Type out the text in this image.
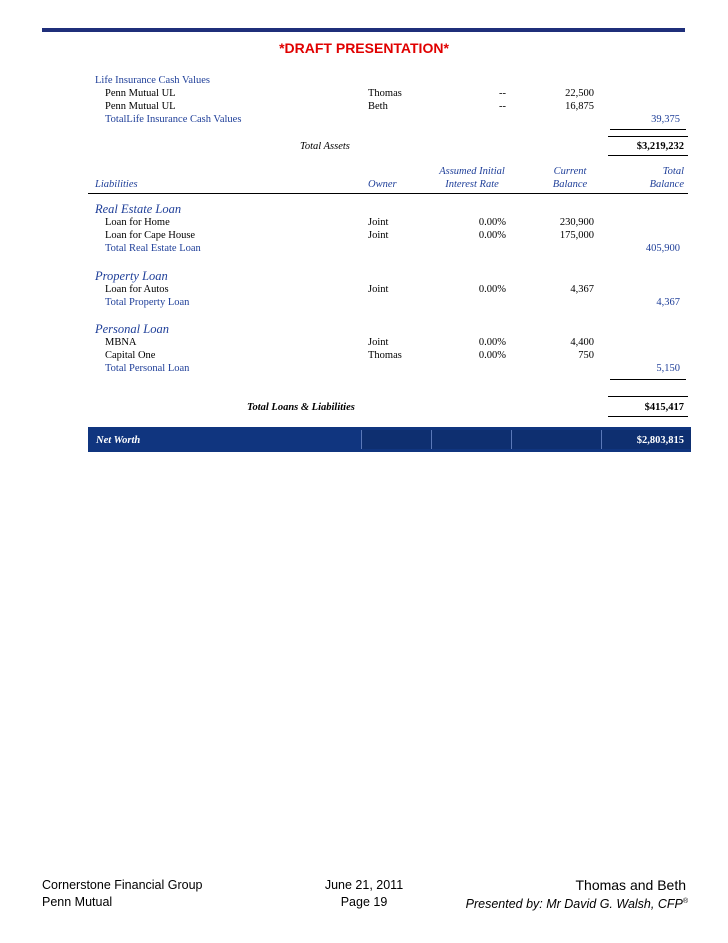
*DRAFT PRESENTATION*
Life Insurance Cash Values
Penn Mutual UL	Thomas	--	22,500
Penn Mutual UL	Beth	--	16,875
TotalLife Insurance Cash Values	39,375
Total Assets	$3,219,232
Assumed Initial	Current	Total
Liabilities	Owner	Interest Rate	Balance	Balance
Real Estate Loan
Loan for Home	Joint	0.00%	230,900
Loan for Cape House	Joint	0.00%	175,000
Total Real Estate Loan	405,900
Property Loan
Loan for Autos	Joint	0.00%	4,367
Total Property Loan	4,367
Personal Loan
MBNA	Joint	0.00%	4,400
Capital One	Thomas	0.00%	750
Total Personal Loan	5,150
Total Loans & Liabilities	$415,417
Net Worth	$2,803,815
Cornerstone Financial Group
Penn Mutual
June 21, 2011
Page 19
Thomas and Beth
Presented by: Mr David G. Walsh, CFP®
